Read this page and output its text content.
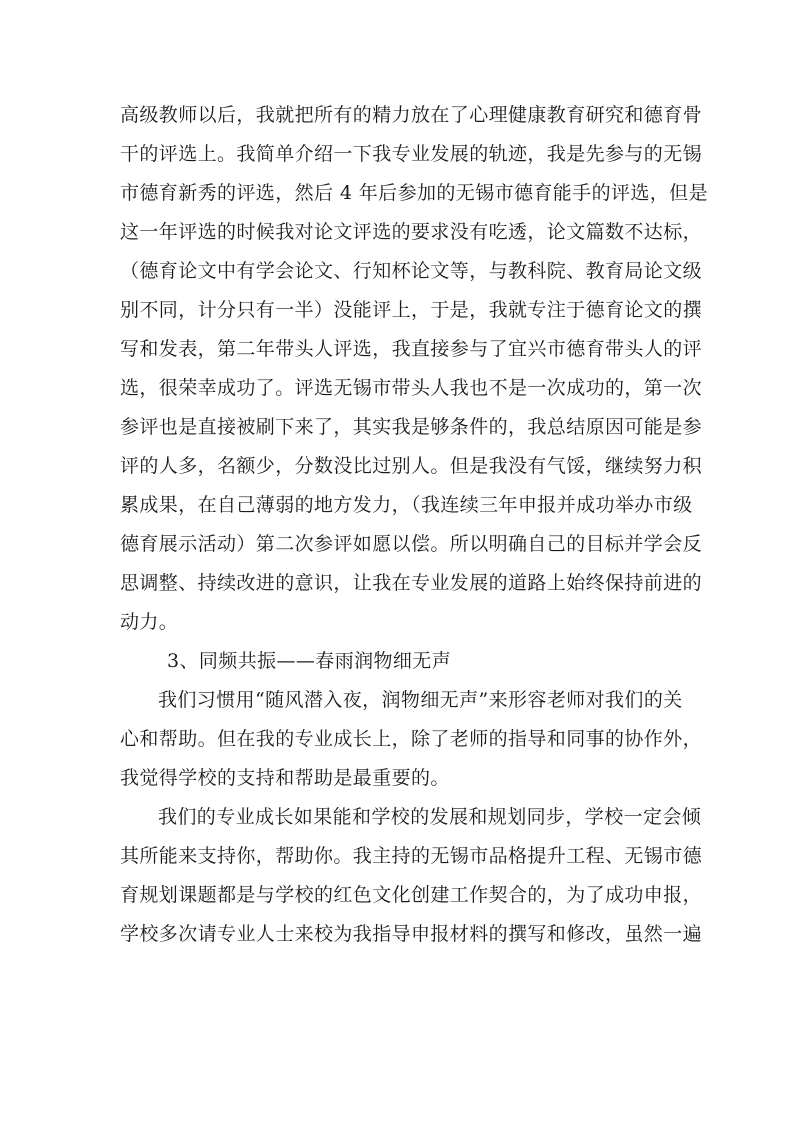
高级教师以后，我就把所有的精力放在了心理健康教育研究和德育骨
干的评选上。我简单介绍一下我专业发展的轨迹，我是先参与的无锡
市德育新秀的评选，然后 4 年后参加的无锡市德育能手的评选，但是
这一年评选的时候我对论文评选的要求没有吃透，论文篇数不达标，
（德育论文中有学会论文、行知杯论文等，与教科院、教育局论文级
别不同，计分只有一半）没能评上，于是，我就专注于德育论文的撰
写和发表，第二年带头人评选，我直接参与了宜兴市德育带头人的评
选，很荣幸成功了。评选无锡市带头人我也不是一次成功的，第一次
参评也是直接被刷下来了，其实我是够条件的，我总结原因可能是参
评的人多，名额少，分数没比过别人。但是我没有气馁，继续努力积
累成果，在自己薄弱的地方发力，（我连续三年申报并成功举办市级
德育展示活动）第二次参评如愿以偿。所以明确自己的目标并学会反
思调整、持续改进的意识，让我在专业发展的道路上始终保持前进的
动力。
3、同频共振——春雨润物细无声
我们习惯用“随风潜入夜，润物细无声”来形容老师对我们的关
心和帮助。但在我的专业成长上，除了老师的指导和同事的协作外，
我觉得学校的支持和帮助是最重要的。
我们的专业成长如果能和学校的发展和规划同步，学校一定会倾
其所能来支持你，帮助你。我主持的无锡市品格提升工程、无锡市德
育规划课题都是与学校的红色文化创建工作契合的，为了成功申报，
学校多次请专业人士来校为我指导申报材料的撰写和修改，虽然一遍
